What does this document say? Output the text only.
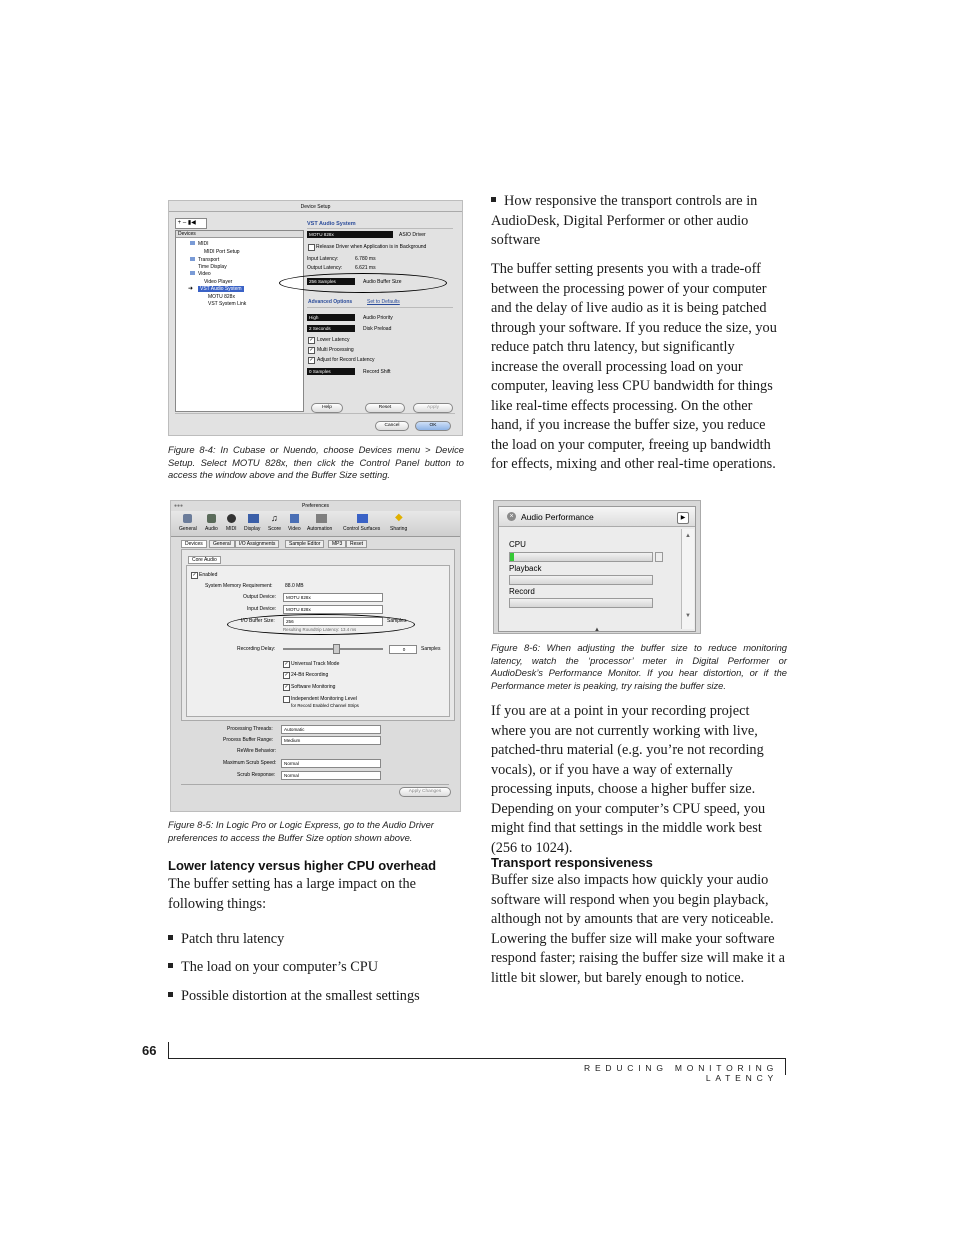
Device Setup
+ – ▮◀
Devices
MIDI
MIDI Port Setup
Transport
Time Display
Video
Video Player
VST Audio System
MOTU 828x
VST System Link
➜
VST Audio System
MOTU 828x	ASIO Driver
Release Driver when Application is in Background
Input Latency:	6.780 ms
Output Latency:	6.621 ms
256 Samples	Audio Buffer Size
Advanced Options	Set to Defaults
High	Audio Priority
2 Seconds	Disk Preload
✓ Lower Latency
✓ Multi Processing
✓ Adjust for Record Latency
0 Samples	Record Shift
Help	Reset	Apply
Cancel	OK
Figure 8-4: In Cubase or Nuendo, choose Devices menu > Device Setup. Select MOTU 828x, then click the Control Panel button to access the window above and the Buffer Size setting.
●●●	Preferences
♫	◆
General Audio MIDI Display Score Video Automation Control Surfaces Sharing
Devices	General	I/O Assignments	Sample Editor	MP3	Reset
Core Audio
✓ Enabled
System Memory Requirement: 88.0 MB
Output Device:	MOTU 828x
Input Device:	MOTU 828x
I/O Buffer Size:	256	Samples
Resulting Roundtrip Latency: 13.4 ms
Recording Delay:	0	Samples
✓ Universal Track Mode
✓ 24-Bit Recording
✓ Software Monitoring
Independent Monitoring Level
for Record Enabled Channel Strips
Processing Threads:	Automatic
Process Buffer Range:	Medium
ReWire Behavior:
Maximum Scrub Speed:	Normal
Scrub Response:	Normal
Apply Changes
Figure 8-5: In Logic Pro or Logic Express, go to the Audio Driver preferences to access the Buffer Size option shown above.
Lower latency versus higher CPU overhead
The buffer setting has a large impact on the following things:
Patch thru latency
The load on your computer’s CPU
Possible distortion at the smallest settings
How responsive the transport controls are in AudioDesk, Digital Performer or other audio software
The buffer setting presents you with a trade-off between the processing power of your computer and the delay of live audio as it is being patched through your software. If you reduce the size, you reduce patch thru latency, but significantly increase the overall processing load on your computer, leaving less CPU bandwidth for things like real-time effects processing. On the other hand, if you increase the buffer size, you reduce the load on your computer, freeing up bandwidth for effects, mixing and other real-time operations.
× Audio Performance	▶
CPU
Playback
Record
▲
▼
▲
Figure 8-6: When adjusting the buffer size to reduce monitoring latency, watch the ‘processor’ meter in Digital Performer or AudioDesk’s Performance Monitor. If you hear distortion, or if the Performance meter is peaking, try raising the buffer size.
If you are at a point in your recording project where you are not currently working with live, patched-thru material (e.g. you’re not recording vocals), or if you have a way of externally processing inputs, choose a higher buffer size. Depending on your computer’s CPU speed, you might find that settings in the middle work best (256 to 1024).
Transport responsiveness
Buffer size also impacts how quickly your audio software will respond when you begin playback, although not by amounts that are very noticeable. Lowering the buffer size will make your software respond faster; raising the buffer size will make it a little bit slower, but barely enough to notice.
66
REDUCING MONITORING LATENCY
